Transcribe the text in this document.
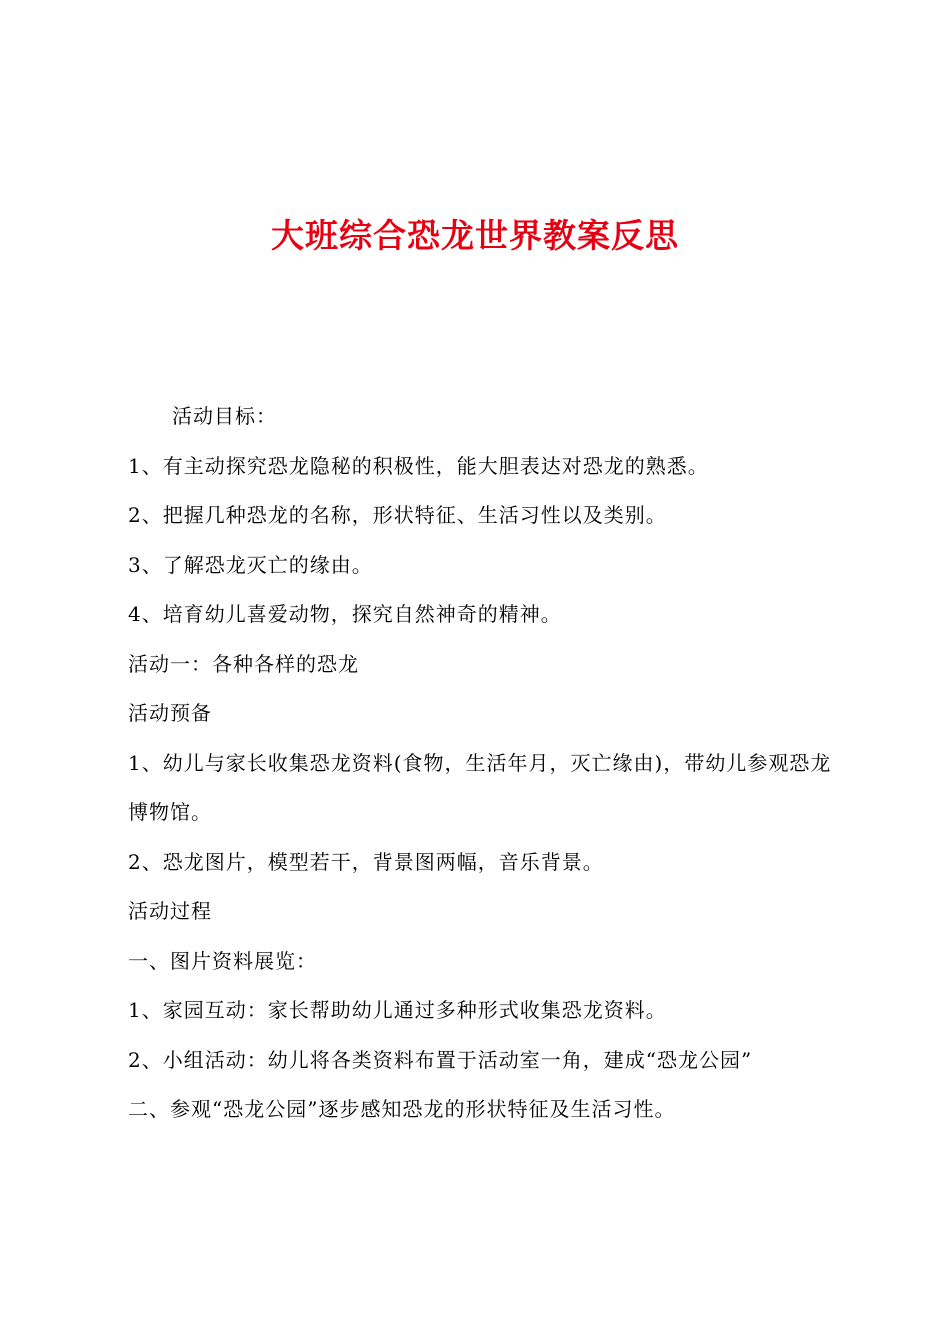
大班综合恐龙世界教案反思

活动目标：

1、有主动探究恐龙隐秘的积极性，能大胆表达对恐龙的熟悉。

2、把握几种恐龙的名称，形状特征、生活习性以及类别。

3、了解恐龙灭亡的缘由。

4、培育幼儿喜爱动物，探究自然神奇的精神。

活动一：各种各样的恐龙

活动预备

1、幼儿与家长收集恐龙资料(食物，生活年月，灭亡缘由)，带幼儿参观恐龙博物馆。

2、恐龙图片，模型若干，背景图两幅，音乐背景。

活动过程

一、图片资料展览：

1、家园互动：家长帮助幼儿通过多种形式收集恐龙资料。

2、小组活动：幼儿将各类资料布置于活动室一角，建成“恐龙公园”

二、参观“恐龙公园”逐步感知恐龙的形状特征及生活习性。
